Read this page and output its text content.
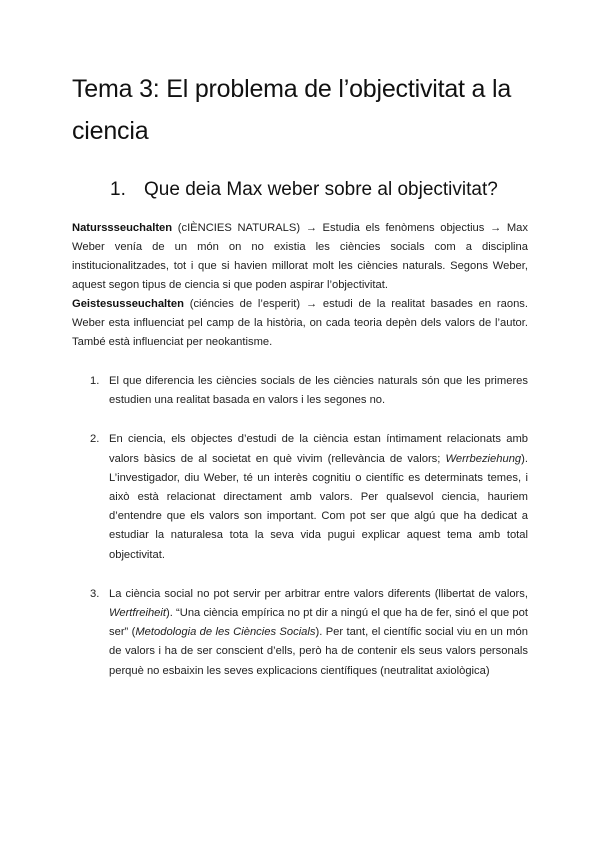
Tema 3: El problema de l’objectivitat a la ciencia
1. Que deia Max weber sobre al objectivitat?

Naturssseuchalten (cIÈNCIES NATURALS) → Estudia els fenòmens objectius → Max Weber venía de un món on no existia les ciències socials com a disciplina institucionalitzades, tot i que si havien millorat molt les ciències naturals. Segons Weber, aquest segon tipus de ciencia si que poden aspirar l’objectivitat.

Geistesusseuchalten (ciéncies de l’esperit) → estudi de la realitat basades en raons. Weber esta influenciat pel camp de la història, on cada teoria depèn dels valors de l’autor. També està influenciat per neokantisme.

1. El que diferencia les ciències socials de les ciències naturals són que les primeres estudien una realitat basada en valors i les segones no.
2. En ciencia, els objectes d’estudi de la ciència estan íntimament relacionats amb valors bàsics de al societat en què vivim (rellevància de valors; Werrbeziehung). L’investigador, diu Weber, té un interès cognitiu o científic es determinats temes, i això està relacionat directament amb valors. Per qualsevol ciencia, hauriem d’entendre que els valors son important. Com pot ser que algú que ha dedicat a estudiar la naturalesa tota la seva vida pugui explicar aquest tema amb total objectivitat.
3. La ciència social no pot servir per arbitrar entre valors diferents (llibertat de valors, Wertfreiheit). “Una ciència empírica no pt dir a ningú el que ha de fer, sinó el que pot ser” (Metodologia de les Ciències Socials). Per tant, el científic social viu en un món de valors i ha de ser conscient d’ells, però ha de contenir els seus valors personals perquè no esbaixin les seves explicacions científiques (neutralitat axiològica)
